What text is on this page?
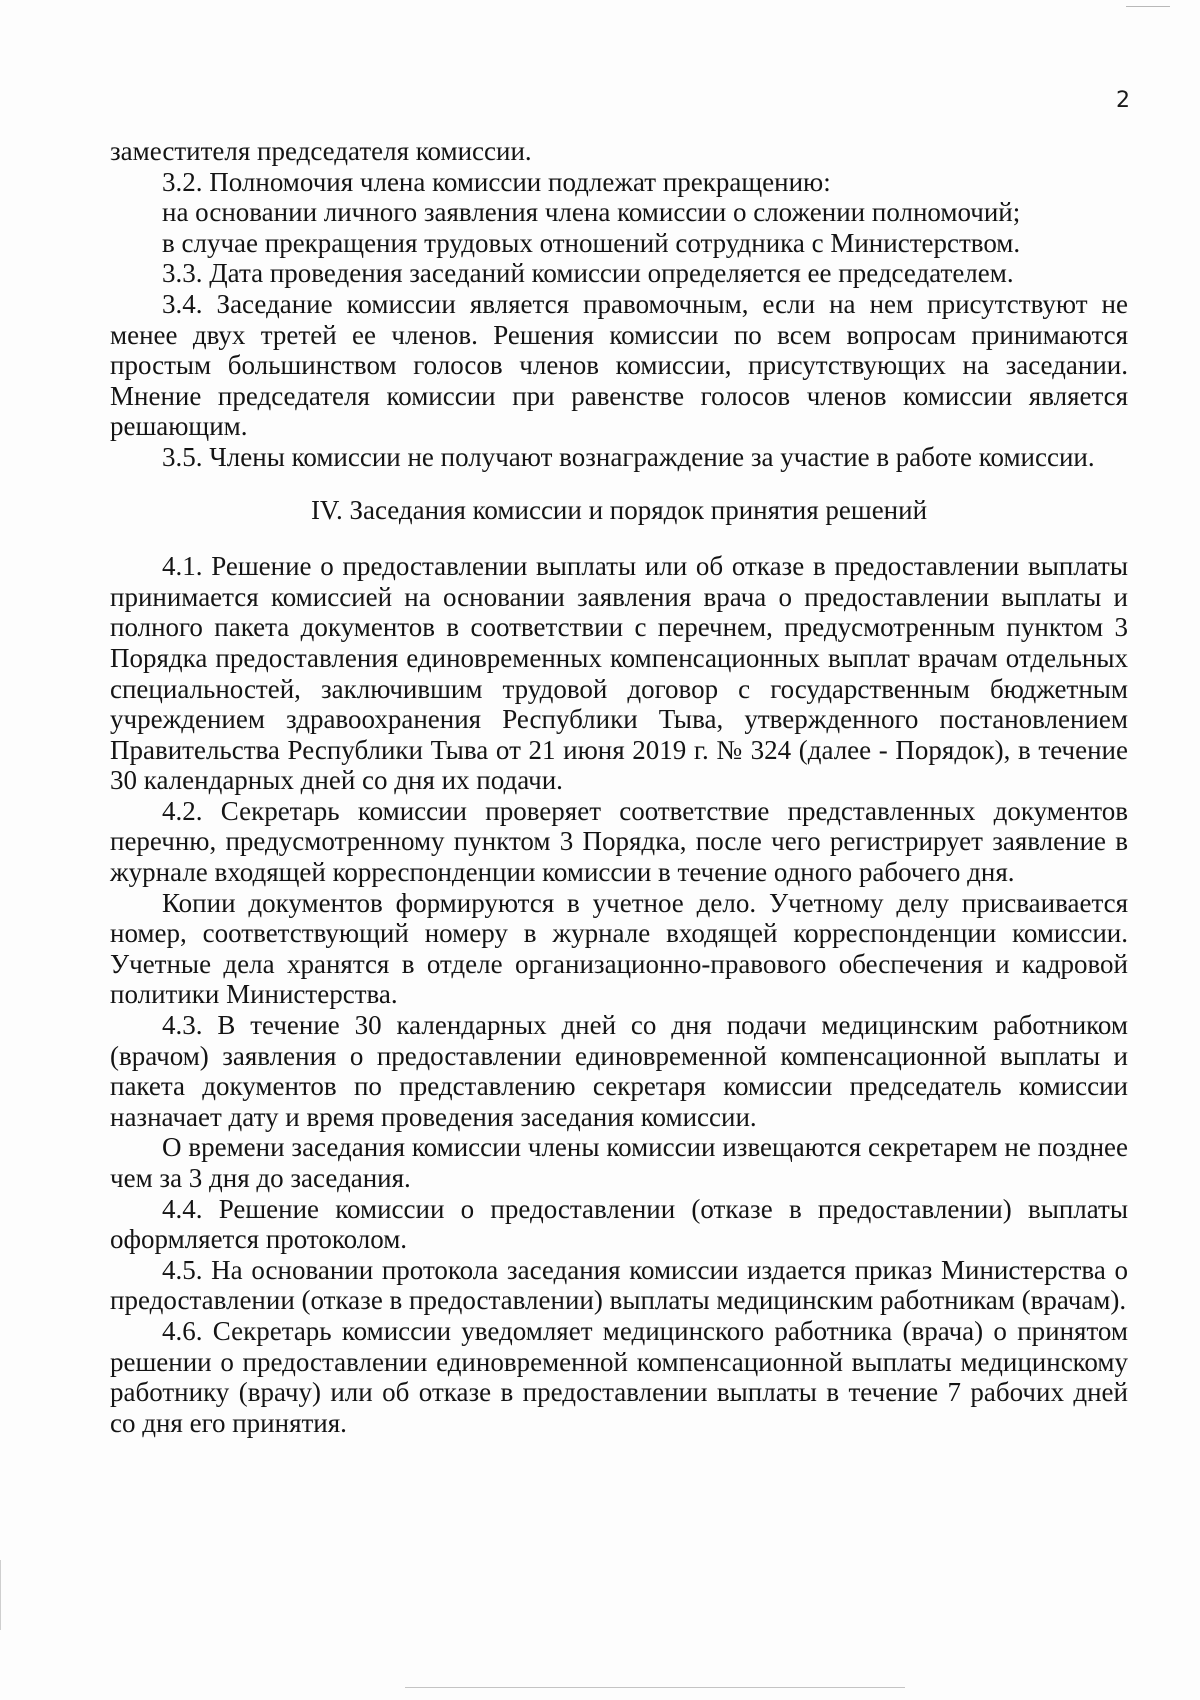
2

заместителя председателя комиссии.

3.2. Полномочия члена комиссии подлежат прекращению:

на основании личного заявления члена комиссии о сложении полномочий;

в случае прекращения трудовых отношений сотрудника с Министерством.

3.3. Дата проведения заседаний комиссии определяется ее председателем.

3.4. Заседание комиссии является правомочным, если на нем присутствуют не менее двух третей ее членов. Решения комиссии по всем вопросам принимаются простым большинством голосов членов комиссии, присутствующих на заседании. Мнение председателя комиссии при равенстве голосов членов комиссии является решающим.

3.5. Члены комиссии не получают вознаграждение за участие в работе комиссии.

IV. Заседания комиссии и порядок принятия решений

4.1. Решение о предоставлении выплаты или об отказе в предоставлении выплаты принимается комиссией на основании заявления врача о предоставлении выплаты и полного пакета документов в соответствии с перечнем, предусмотренным пунктом 3 Порядка предоставления единовременных компенсационных выплат врачам отдельных специальностей, заключившим трудовой договор с государственным бюджетным учреждением здравоохранения Республики Тыва, утвержденного постановлением Правительства Республики Тыва от 21 июня 2019 г. № 324 (далее - Порядок), в течение 30 календарных дней со дня их подачи.

4.2. Секретарь комиссии проверяет соответствие представленных документов перечню, предусмотренному пунктом 3 Порядка, после чего регистрирует заявление в журнале входящей корреспонденции комиссии в течение одного рабочего дня.

Копии документов формируются в учетное дело. Учетному делу присваивается номер, соответствующий номеру в журнале входящей корреспонденции комиссии. Учетные дела хранятся в отделе организационно-правового обеспечения и кадровой политики Министерства.

4.3. В течение 30 календарных дней со дня подачи медицинским работником (врачом) заявления о предоставлении единовременной компенсационной выплаты и пакета документов по представлению секретаря комиссии председатель комиссии назначает дату и время проведения заседания комиссии.

О времени заседания комиссии члены комиссии извещаются секретарем не позднее чем за 3 дня до заседания.

4.4. Решение комиссии о предоставлении (отказе в предоставлении) выплаты оформляется протоколом.

4.5. На основании протокола заседания комиссии издается приказ Министерства о предоставлении (отказе в предоставлении) выплаты медицинским работникам (врачам).

4.6. Секретарь комиссии уведомляет медицинского работника (врача) о принятом решении о предоставлении единовременной компенсационной выплаты медицинскому работнику (врачу) или об отказе в предоставлении выплаты в течение 7 рабочих дней со дня его принятия.
